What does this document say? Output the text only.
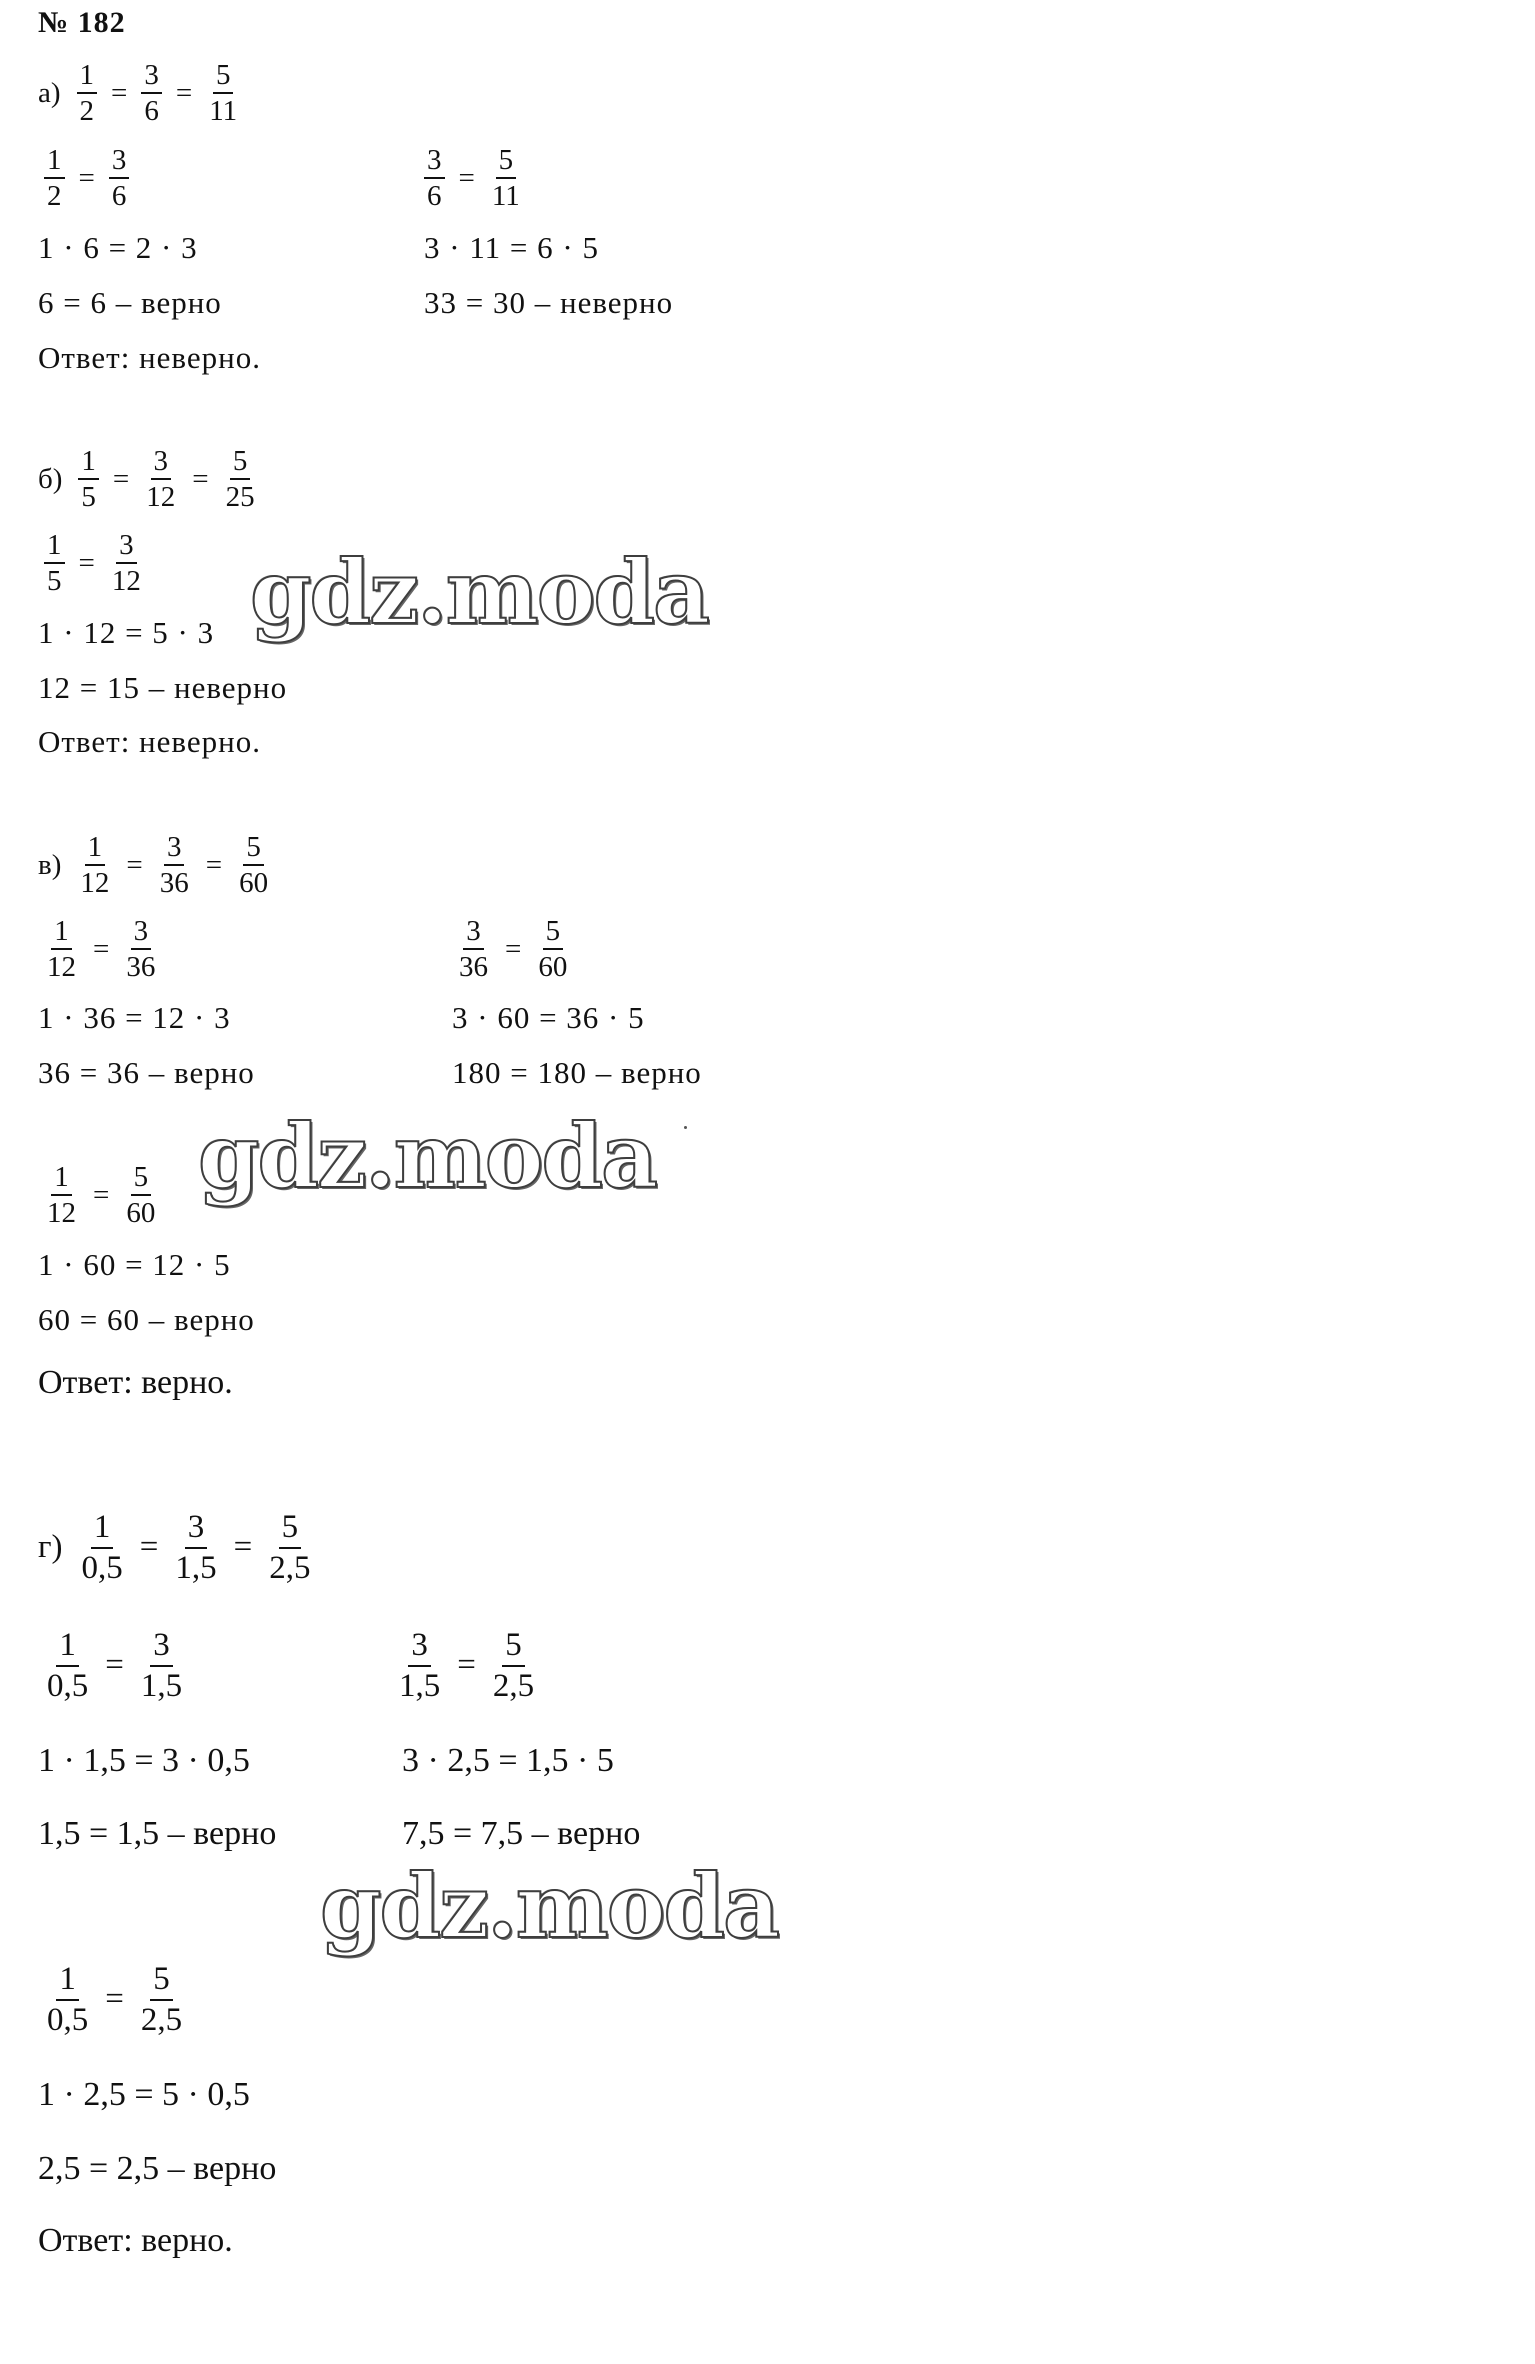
№ 182
$а) \frac{1}{2} = \frac{3}{6} = \frac{5}{11}$
$\frac{1}{2} = \frac{3}{6}$	$\frac{3}{6} = \frac{5}{11}$
1 · 6 = 2 · 3	3 · 11 = 6 · 5
6 = 6 – верно	33 = 30 – неверно
Ответ: неверно.
$б) \frac{1}{5} = \frac{3}{12} = \frac{5}{25}$
$\frac{1}{5} = \frac{3}{12}$
1 · 12 = 5 · 3
12 = 15 – неверно
Ответ: неверно.
$в) \frac{1}{12} = \frac{3}{36} = \frac{5}{60}$
$\frac{1}{12} = \frac{3}{36}$	$\frac{3}{36} = \frac{5}{60}$
1 · 36 = 12 · 3	3 · 60 = 36 · 5
36 = 36 – верно	180 = 180 – верно
$\frac{1}{12} = \frac{5}{60}$
1 · 60 = 12 · 5
60 = 60 – верно
Ответ: верно.
$г) \frac{1}{0,5} = \frac{3}{1,5} = \frac{5}{2,5}$
$\frac{1}{0,5} = \frac{3}{1,5}$	$\frac{3}{1,5} = \frac{5}{2,5}$
1 · 1,5 = 3 · 0,5	3 · 2,5 = 1,5 · 5
1,5 = 1,5 – верно	7,5 = 7,5 – верно
$\frac{1}{0,5} = \frac{5}{2,5}$
1 · 2,5 = 5 · 0,5
2,5 = 2,5 – верно
Ответ: верно.
gdz.moda
gdz.moda
gdz.moda
